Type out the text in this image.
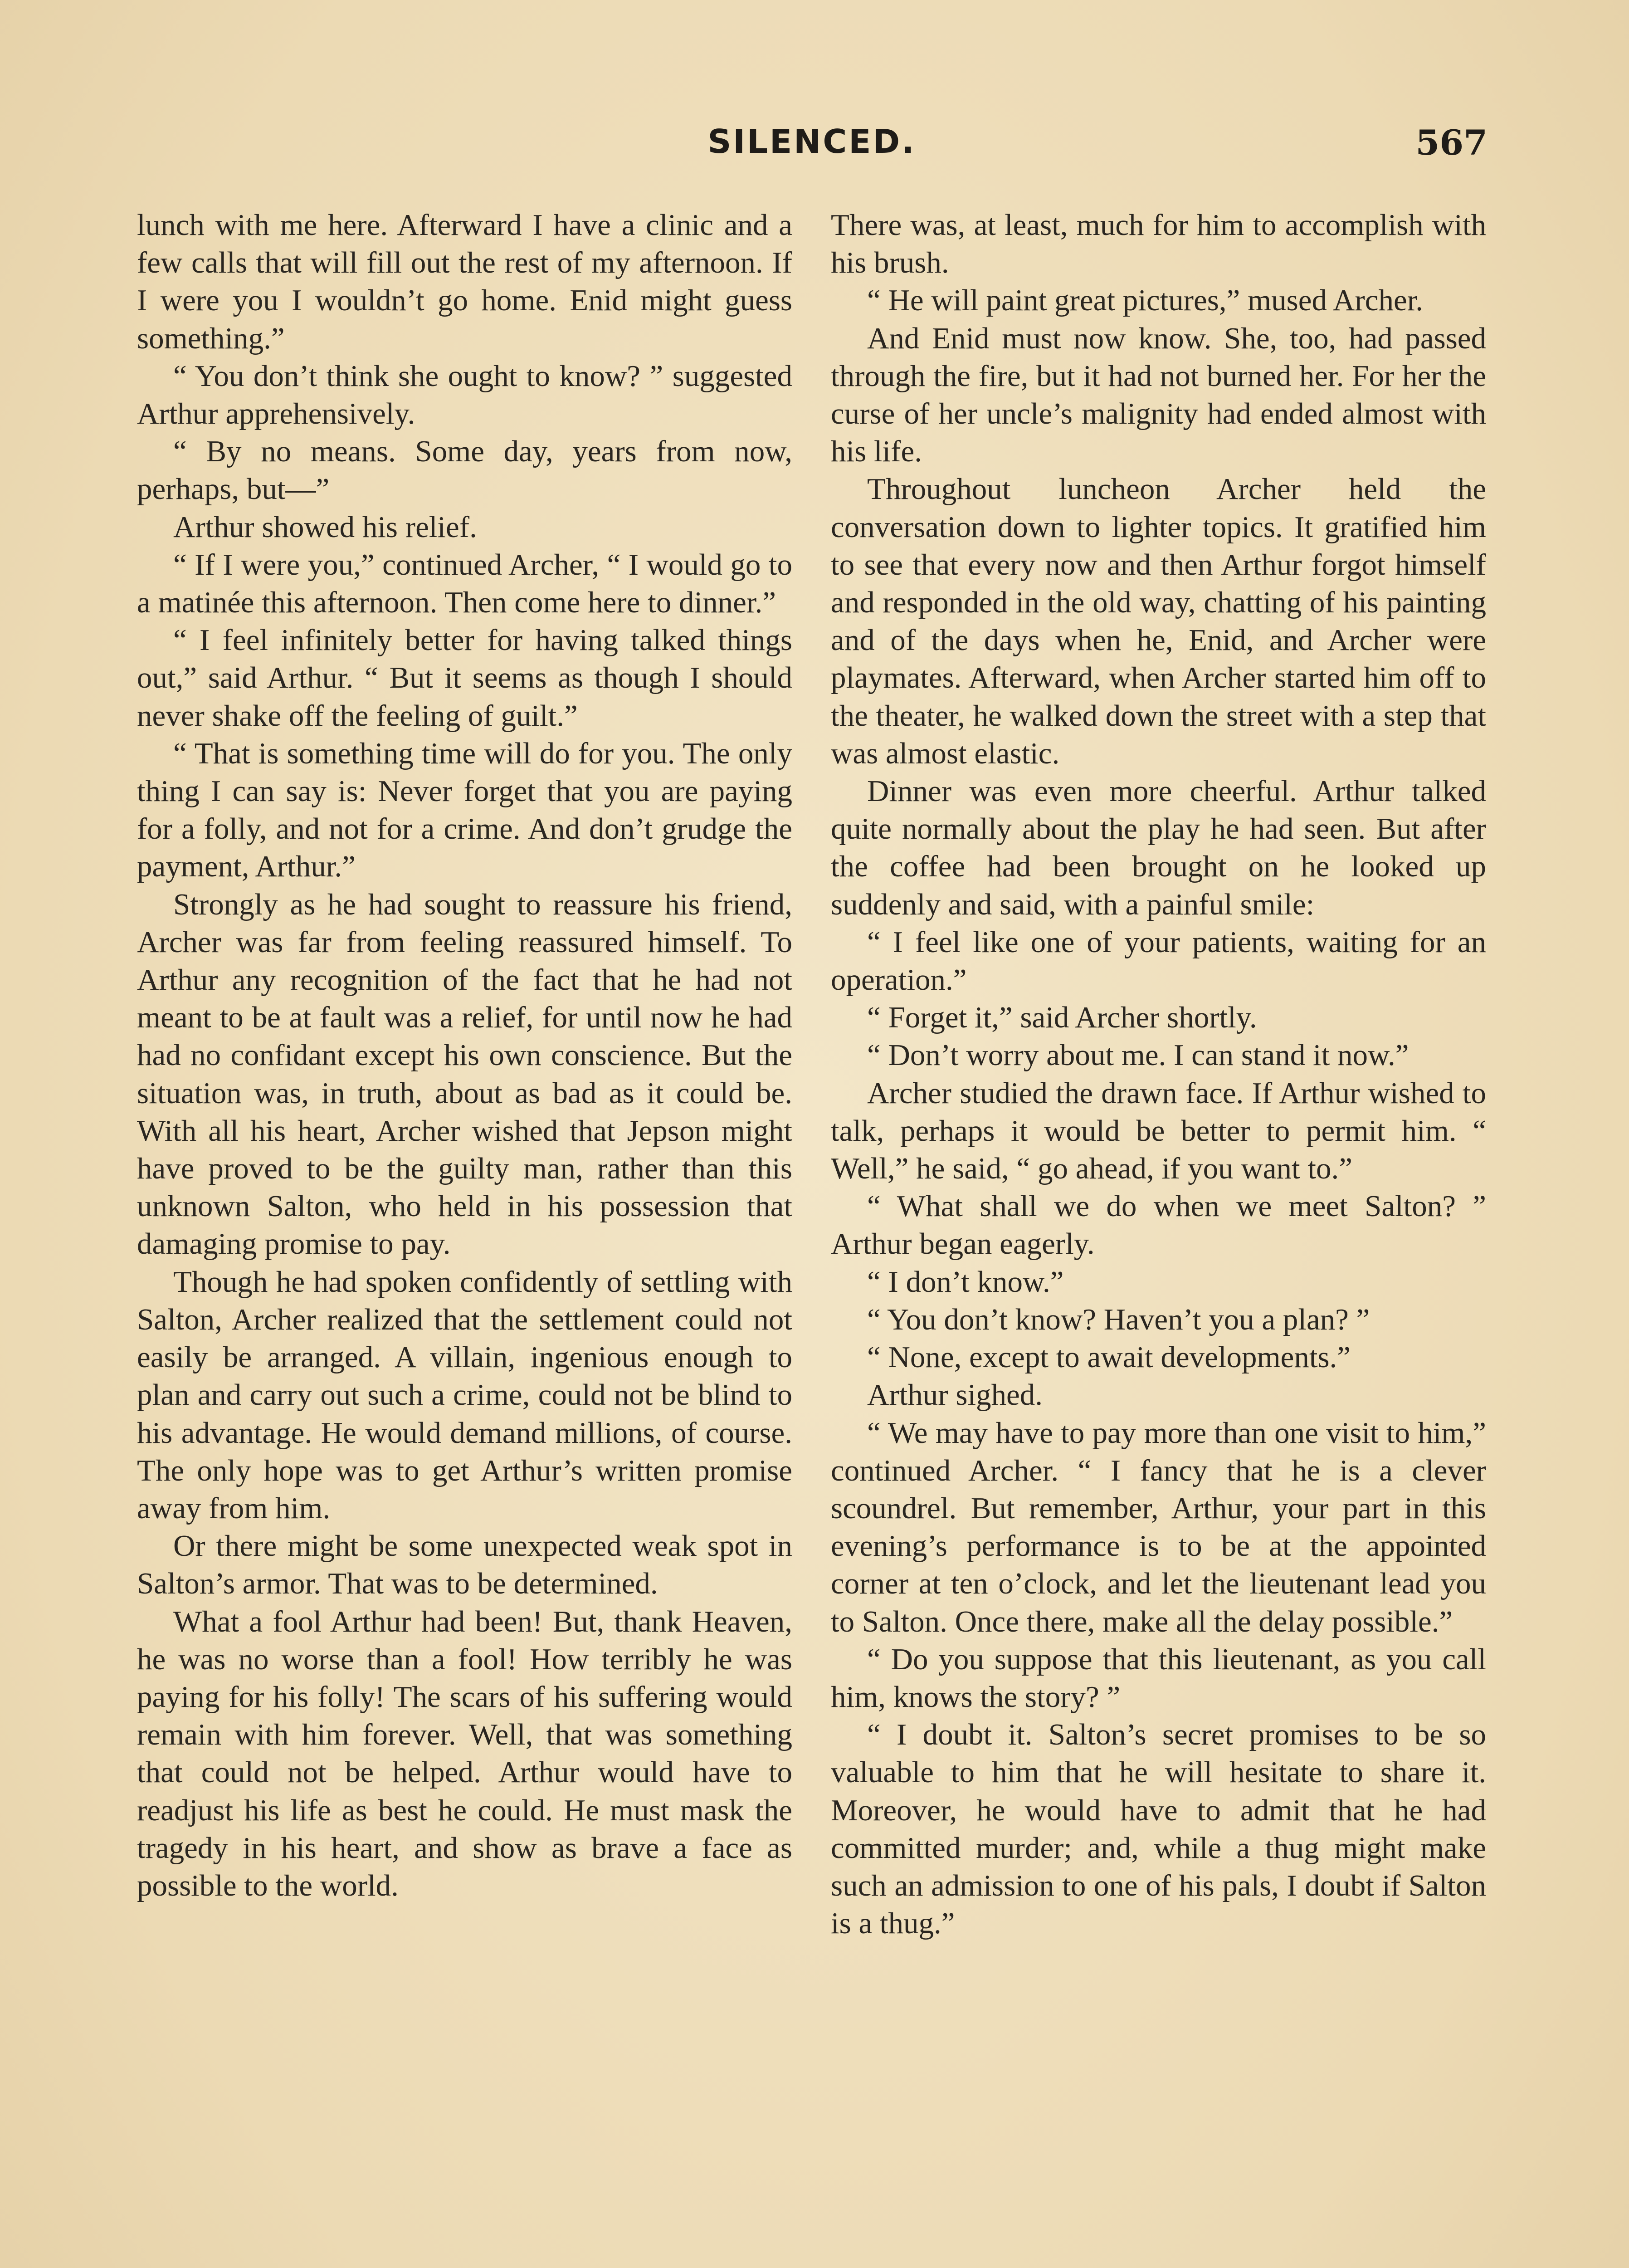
SILENCED.	567

lunch with me here. Afterward I have a clinic and a few calls that will fill out the rest of my afternoon. If I were you I wouldn’t go home. Enid might guess something.”

“ You don’t think she ought to know? ” suggested Arthur apprehensively.

“ By no means. Some day, years from now, perhaps, but—”

Arthur showed his relief.

“ If I were you,” continued Archer, “ I would go to a matinée this afternoon. Then come here to dinner.”

“ I feel infinitely better for having talked things out,” said Arthur. “ But it seems as though I should never shake off the feeling of guilt.”

“ That is something time will do for you. The only thing I can say is: Never forget that you are paying for a folly, and not for a crime. And don’t grudge the payment, Arthur.”

Strongly as he had sought to reassure his friend, Archer was far from feeling reassured himself. To Arthur any recognition of the fact that he had not meant to be at fault was a relief, for until now he had had no confidant except his own conscience. But the situation was, in truth, about as bad as it could be. With all his heart, Archer wished that Jepson might have proved to be the guilty man, rather than this unknown Salton, who held in his possession that damaging promise to pay.

Though he had spoken confidently of settling with Salton, Archer realized that the settlement could not easily be arranged. A villain, ingenious enough to plan and carry out such a crime, could not be blind to his advantage. He would demand millions, of course. The only hope was to get Arthur’s written promise away from him.

Or there might be some unexpected weak spot in Salton’s armor. That was to be determined.

What a fool Arthur had been! But, thank Heaven, he was no worse than a fool! How terribly he was paying for his folly! The scars of his suffering would remain with him forever. Well, that was something that could not be helped. Arthur would have to readjust his life as best he could. He must mask the tragedy in his heart, and show as brave a face as possible to the world.

There was, at least, much for him to accomplish with his brush.

“ He will paint great pictures,” mused Archer.

And Enid must now know. She, too, had passed through the fire, but it had not burned her. For her the curse of her uncle’s malignity had ended almost with his life.

Throughout luncheon Archer held the conversation down to lighter topics. It gratified him to see that every now and then Arthur forgot himself and responded in the old way, chatting of his painting and of the days when he, Enid, and Archer were playmates. Afterward, when Archer started him off to the theater, he walked down the street with a step that was almost elastic.

Dinner was even more cheerful. Arthur talked quite normally about the play he had seen. But after the coffee had been brought on he looked up suddenly and said, with a painful smile:

“ I feel like one of your patients, waiting for an operation.”

“ Forget it,” said Archer shortly.

“ Don’t worry about me. I can stand it now.”

Archer studied the drawn face. If Arthur wished to talk, perhaps it would be better to permit him. “ Well,” he said, “ go ahead, if you want to.”

“ What shall we do when we meet Salton? ” Arthur began eagerly.

“ I don’t know.”

“ You don’t know? Haven’t you a plan? ”

“ None, except to await developments.”

Arthur sighed.

“ We may have to pay more than one visit to him,” continued Archer. “ I fancy that he is a clever scoundrel. But remember, Arthur, your part in this evening’s performance is to be at the appointed corner at ten o’clock, and let the lieutenant lead you to Salton. Once there, make all the delay possible.”

“ Do you suppose that this lieutenant, as you call him, knows the story? ”

“ I doubt it. Salton’s secret promises to be so valuable to him that he will hesitate to share it. Moreover, he would have to admit that he had committed murder; and, while a thug might make such an admission to one of his pals, I doubt if Salton is a thug.”
